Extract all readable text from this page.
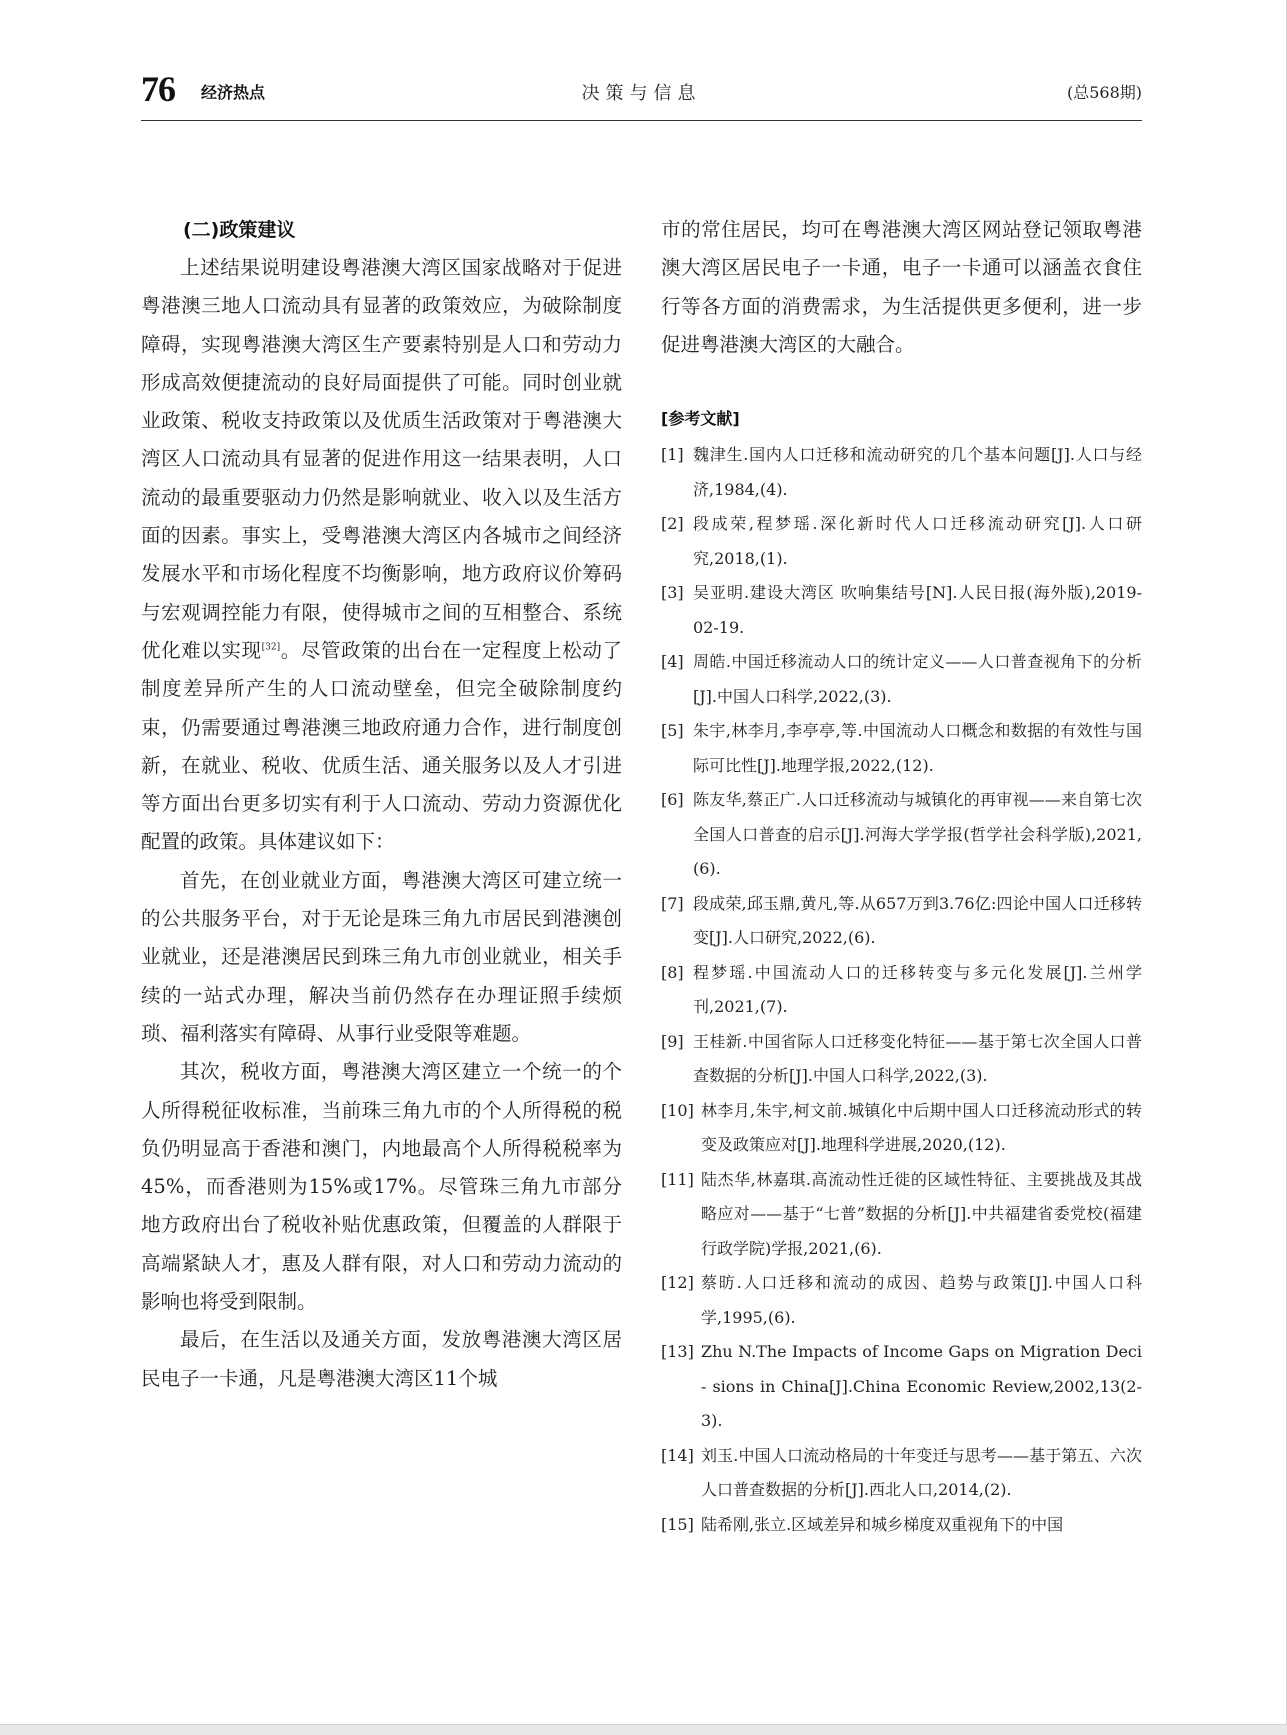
76 经济热点	决策与信息	(总568期)

(二)政策建议

上述结果说明建设粤港澳大湾区国家战略对于促进粤港澳三地人口流动具有显著的政策效应，为破除制度障碍，实现粤港澳大湾区生产要素特别是人口和劳动力形成高效便捷流动的良好局面提供了可能。同时创业就业政策、税收支持政策以及优质生活政策对于粤港澳大湾区人口流动具有显著的促进作用这一结果表明，人口流动的最重要驱动力仍然是影响就业、收入以及生活方面的因素。事实上，受粤港澳大湾区内各城市之间经济发展水平和市场化程度不均衡影响，地方政府议价筹码与宏观调控能力有限，使得城市之间的互相整合、系统优化难以实现[32]。尽管政策的出台在一定程度上松动了制度差异所产生的人口流动壁垒，但完全破除制度约束，仍需要通过粤港澳三地政府通力合作，进行制度创新，在就业、税收、优质生活、通关服务以及人才引进等方面出台更多切实有利于人口流动、劳动力资源优化配置的政策。具体建议如下：

首先，在创业就业方面，粤港澳大湾区可建立统一的公共服务平台，对于无论是珠三角九市居民到港澳创业就业，还是港澳居民到珠三角九市创业就业，相关手续的一站式办理，解决当前仍然存在办理证照手续烦琐、福利落实有障碍、从事行业受限等难题。

其次，税收方面，粤港澳大湾区建立一个统一的个人所得税征收标准，当前珠三角九市的个人所得税的税负仍明显高于香港和澳门，内地最高个人所得税税率为45%，而香港则为15%或17%。尽管珠三角九市部分地方政府出台了税收补贴优惠政策，但覆盖的人群限于高端紧缺人才，惠及人群有限，对人口和劳动力流动的影响也将受到限制。

最后，在生活以及通关方面，发放粤港澳大湾区居民电子一卡通，凡是粤港澳大湾区11个城

市的常住居民，均可在粤港澳大湾区网站登记领取粤港澳大湾区居民电子一卡通，电子一卡通可以涵盖衣食住行等各方面的消费需求，为生活提供更多便利，进一步促进粤港澳大湾区的大融合。

[参考文献]
[1] 魏津生.国内人口迁移和流动研究的几个基本问题[J].人口与经济,1984,(4).
[2] 段成荣,程梦瑶.深化新时代人口迁移流动研究[J].人口研究,2018,(1).
[3] 吴亚明.建设大湾区 吹响集结号[N].人民日报(海外版),2019-02-19.
[4] 周皓.中国迁移流动人口的统计定义——人口普查视角下的分析[J].中国人口科学,2022,(3).
[5] 朱宇,林李月,李亭亭,等.中国流动人口概念和数据的有效性与国际可比性[J].地理学报,2022,(12).
[6] 陈友华,蔡正广.人口迁移流动与城镇化的再审视——来自第七次全国人口普查的启示[J].河海大学学报(哲学社会科学版),2021,(6).
[7] 段成荣,邱玉鼎,黄凡,等.从657万到3.76亿:四论中国人口迁移转变[J].人口研究,2022,(6).
[8] 程梦瑶.中国流动人口的迁移转变与多元化发展[J].兰州学刊,2021,(7).
[9] 王桂新.中国省际人口迁移变化特征——基于第七次全国人口普查数据的分析[J].中国人口科学,2022,(3).
[10] 林李月,朱宇,柯文前.城镇化中后期中国人口迁移流动形式的转变及政策应对[J].地理科学进展,2020,(12).
[11] 陆杰华,林嘉琪.高流动性迁徙的区域性特征、主要挑战及其战略应对——基于“七普”数据的分析[J].中共福建省委党校(福建行政学院)学报,2021,(6).
[12] 蔡昉.人口迁移和流动的成因、趋势与政策[J].中国人口科学,1995,(6).
[13] Zhu N.The Impacts of Income Gaps on Migration Deci - sions in China[J].China Economic Review,2002,13(2-3).
[14] 刘玉.中国人口流动格局的十年变迁与思考——基于第五、六次人口普查数据的分析[J].西北人口,2014,(2).
[15] 陆希刚,张立.区域差异和城乡梯度双重视角下的中国
